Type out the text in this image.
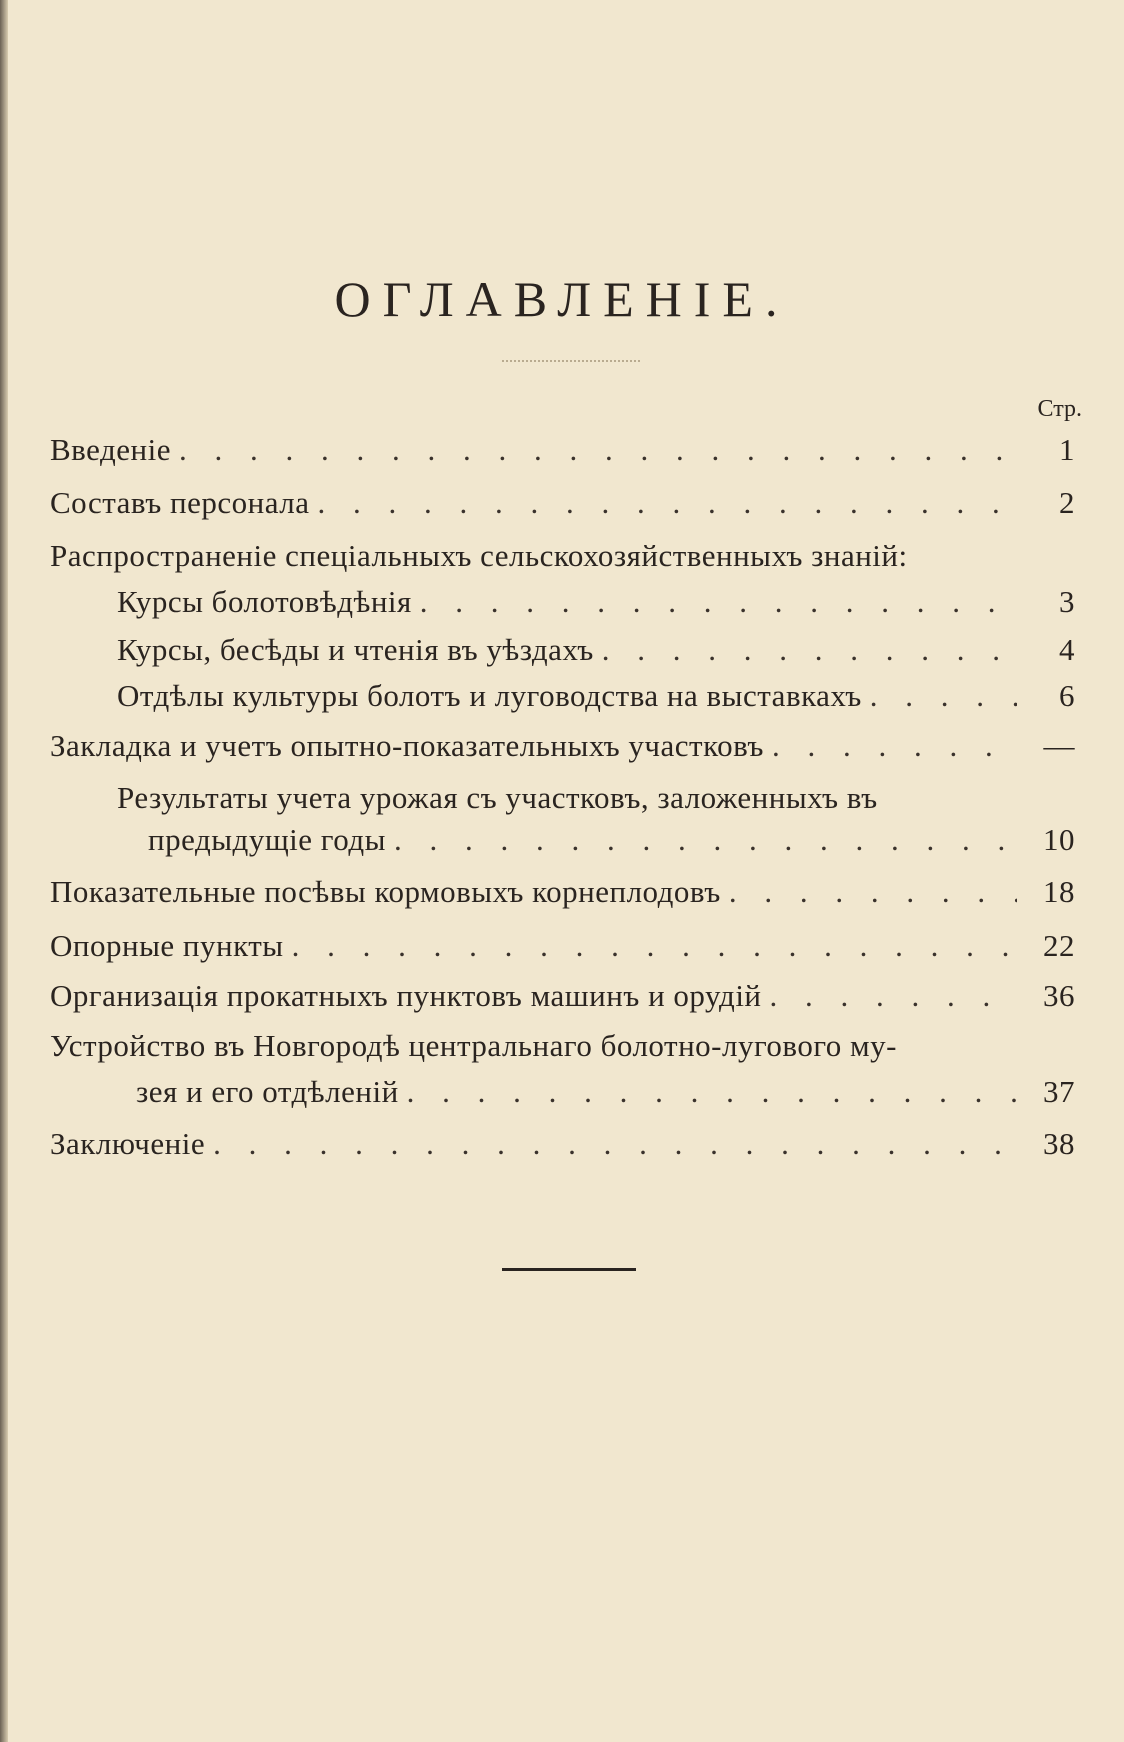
ОГЛАВЛЕНIЕ.
Стр.
Введенiе . . .	1
Составъ персонала . . .	2
Распространенiе спецiальныхъ сельскохозяйственныхъ знанiй:
Курсы болотовѣдѣнiя . . .	3
Курсы, бесѣды и чтенiя въ уѣздахъ . . .	4
Отдѣлы культуры болотъ и луговодства на выставкахъ . . .	6
Закладка и учетъ опытно-показательныхъ участковъ . . .	—
Результаты учета урожая съ участковъ, заложенныхъ въ
предыдущiе годы . . .	10
Показательные посѣвы кормовыхъ корнеплодовъ . . .	18
Опорные пункты . . .	22
Организацiя прокатныхъ пунктовъ машинъ и орудiй . . .	36
Устройство въ Новгородѣ центральнаго болотно-лугового му-
зея и его отдѣленiй . . .	37
Заключенiе . . .	38
